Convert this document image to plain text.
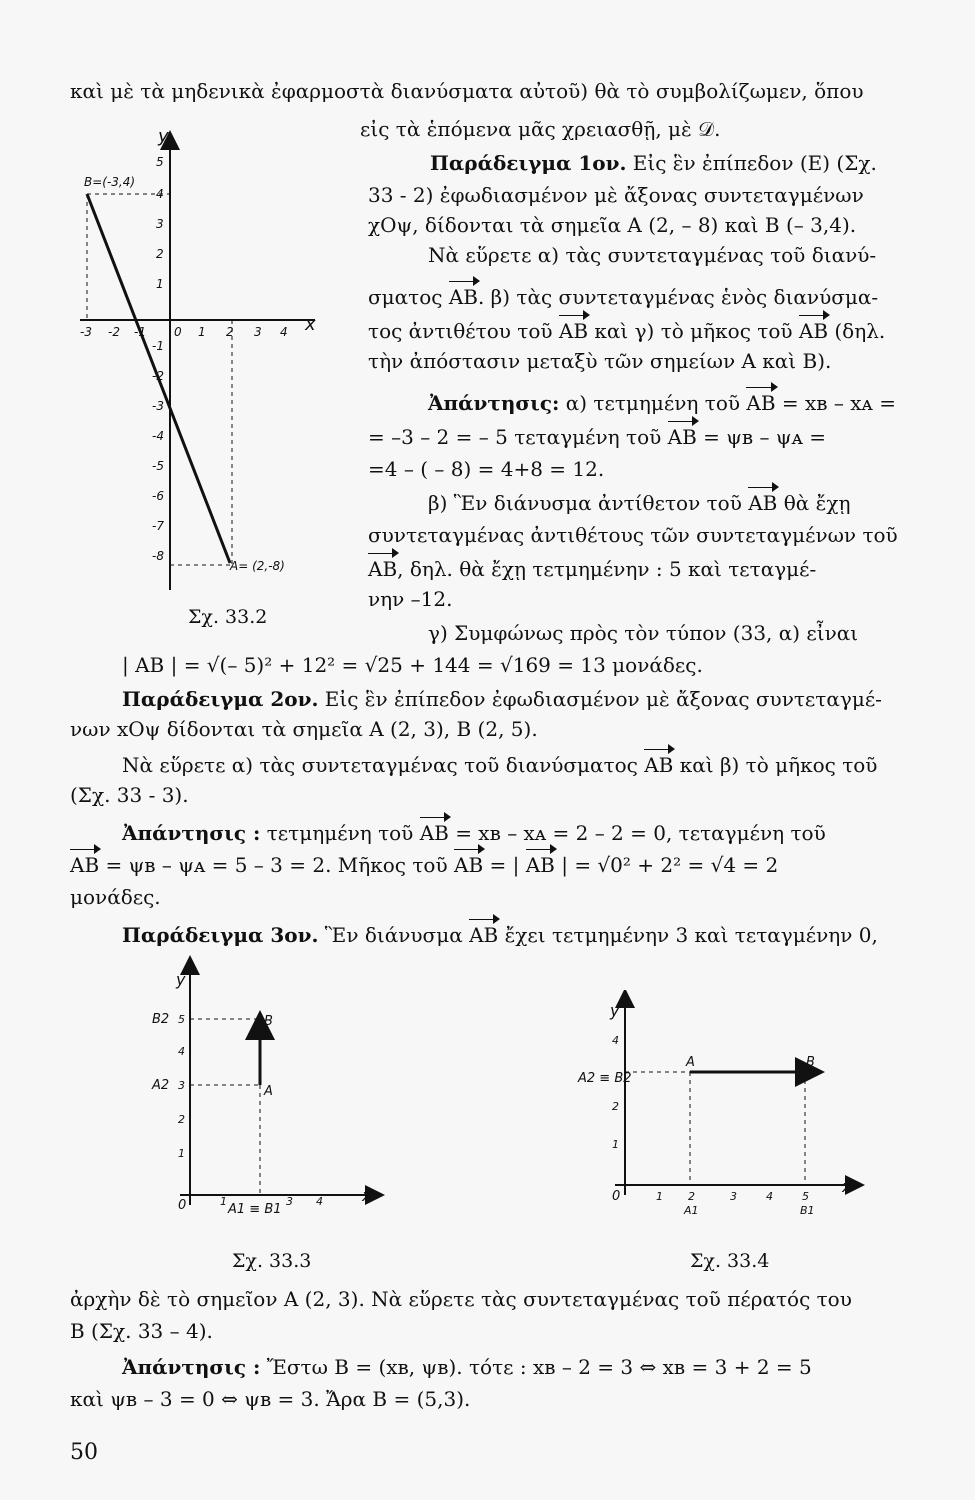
καὶ μὲ τὰ μηδενικὰ ἐφαρμοστὰ διανύσματα αὐτοῦ) θὰ τὸ συμβολίζωμεν, ὅπου
εἰς τὰ ἑπόμενα μᾶς χρειασθῇ, μὲ 𝒟.
Παράδειγμα 1ον. Εἰς ἓν ἐπίπεδον (Ε) (Σχ.
33 - 2) ἐφωδιασμένον μὲ ἄξονας συντεταγμένων
χΟψ, δίδονται τὰ σημεῖα Α (2, – 8) καὶ Β (– 3,4).
Νὰ εὕρετε α) τὰς συντεταγμένας τοῦ διανύ-
σματος ΑΒ. β) τὰς συντεταγμένας ἑνὸς διανύσμα-
τος ἀντιθέτου τοῦ AB καὶ γ) τὸ μῆκος τοῦ AB (δηλ.
τὴν ἀπόστασιν μεταξὺ τῶν σημείων Α καὶ Β).
Ἀπάντησις: α) τετμημένη τοῦ AB = xʙ – xᴀ =
= –3 – 2 = – 5 τεταγμένη τοῦ AB = ψʙ – ψᴀ =
=4 – ( – 8) = 4+8 = 12.
β) Ἓν διάνυσμα ἀντίθετον τοῦ AB θὰ ἔχῃ
συντεταγμένας ἀντιθέτους τῶν συντεταγμένων τοῦ
AB, δηλ. θὰ ἔχῃ τετμημένην : 5 καὶ τεταγμέ-
νην –12.
γ) Συμφώνως πρὸς τὸν τύπον (33, α) εἶναι
| ΑΒ | = √(– 5)² + 12² = √25 + 144 = √169 = 13 μονάδες.
Παράδειγμα 2ον. Εἰς ἓν ἐπίπεδον ἐφωδιασμένον μὲ ἄξονας συντεταγμέ-
νων xOψ δίδονται τὰ σημεῖα Α (2, 3), Β (2, 5).
Νὰ εὕρετε α) τὰς συντεταγμένας τοῦ διανύσματος AB καὶ β) τὸ μῆκος τοῦ
(Σχ. 33 - 3).
Ἀπάντησις : τετμημένη τοῦ AB = xʙ – xᴀ = 2 – 2 = 0, τεταγμένη τοῦ
AB = ψʙ – ψᴀ = 5 – 3 = 2. Μῆκος τοῦ AB = | AB | = √0² + 2² = √4 = 2
μονάδες.
Παράδειγμα 3ον. Ἓν διάνυσμα AB ἔχει τετμημένην 3 καὶ τεταγμένην 0,
ἀρχὴν δὲ τὸ σημεῖον Α (2, 3). Νὰ εὕρετε τὰς συντεταγμένας τοῦ πέρατός του
Β (Σχ. 33 – 4).
Ἀπάντησις : Ἔστω Β = (xʙ, ψʙ). τότε : xʙ – 2 = 3 ⇔ xʙ = 3 + 2 = 5
καὶ ψʙ – 3 = 0 ⇔ ψʙ = 3. Ἄρα Β = (5,3).
Σχ. 33.2
Σχ. 33.3	Σχ. 33.4
50
y
x
B=(-3,4)
A= (2,-8)
-3 -2 -1 0 1 2 3 4
5
4
3
2
1
-1
-2
-3
-4
-5
-6
-7
-8
y
x
B2
A2
B
A
A1 ≡ B1
0	1	3 4
5
4
3
2
1
y
x
A2 ≡ B2
A	B
0	1 2	3	4	5
A1	B1
4
2
1
